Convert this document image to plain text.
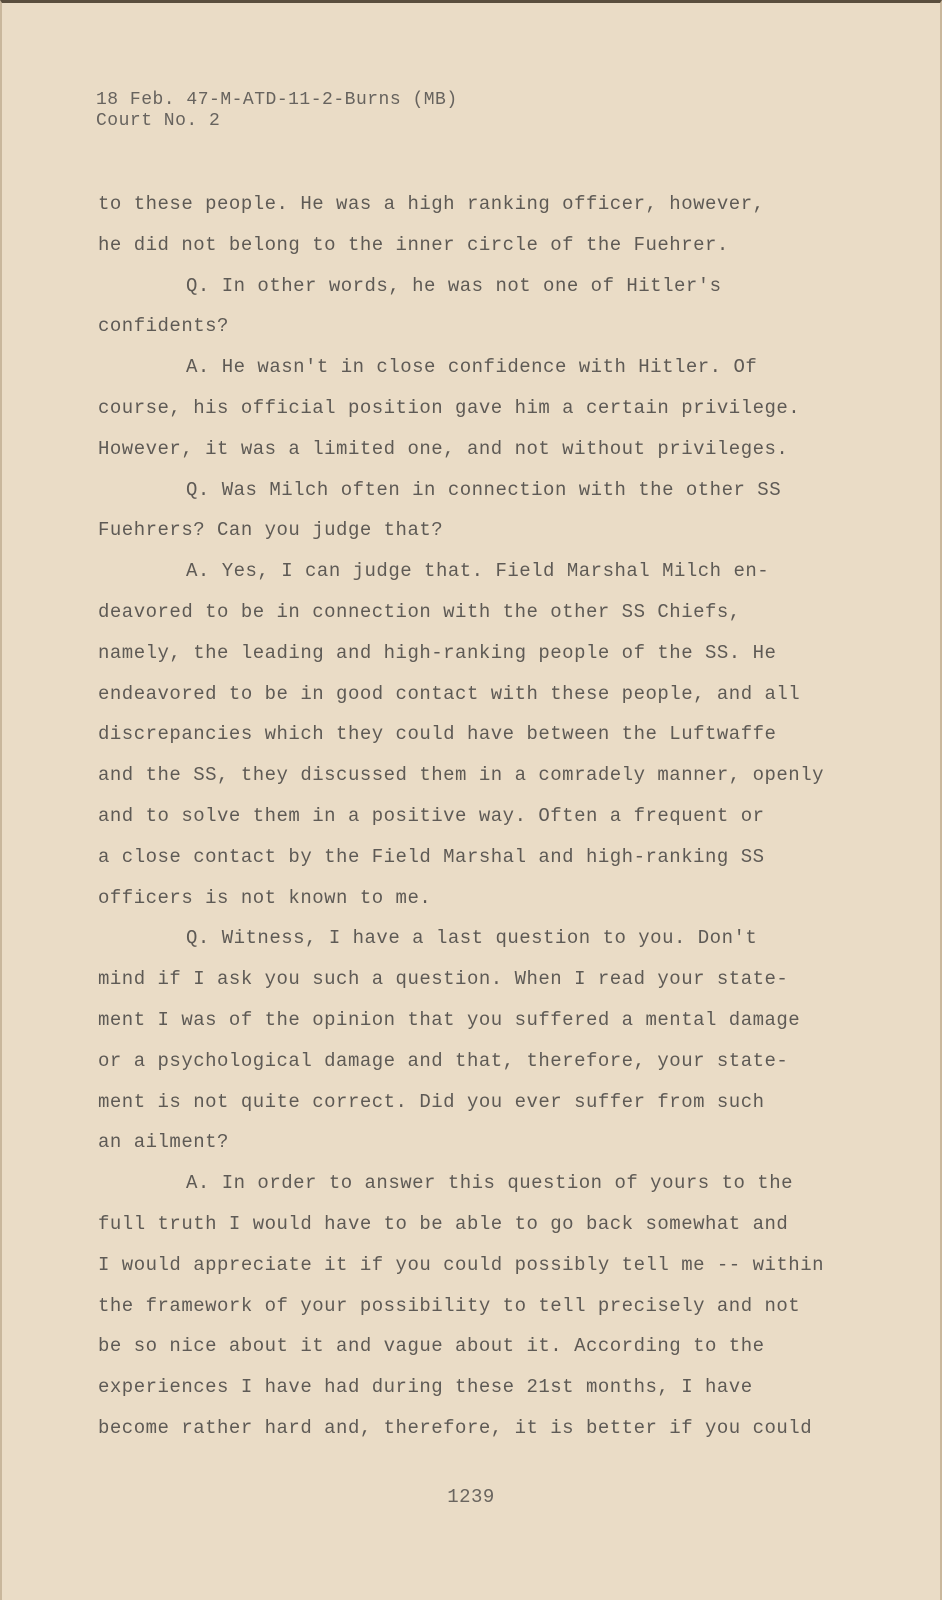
18 Feb. 47-M-ATD-11-2-Burns (MB)
Court No. 2
to these people. He was a high ranking officer, however,
he did not belong to the inner circle of the Fuehrer.
Q. In other words, he was not one of Hitler's
confidents?
A. He wasn't in close confidence with Hitler. Of
course, his official position gave him a certain privilege.
However, it was a limited one, and not without privileges.
Q. Was Milch often in connection with the other SS
Fuehrers? Can you judge that?
A. Yes, I can judge that. Field Marshal Milch en-
deavored to be in connection with the other SS Chiefs,
namely, the leading and high-ranking people of the SS. He
endeavored to be in good contact with these people, and all
discrepancies which they could have between the Luftwaffe
and the SS, they discussed them in a comradely manner, openly
and to solve them in a positive way. Often a frequent or
a close contact by the Field Marshal and high-ranking SS
officers is not known to me.
Q. Witness, I have a last question to you. Don't
mind if I ask you such a question. When I read your state-
ment I was of the opinion that you suffered a mental damage
or a psychological damage and that, therefore, your state-
ment is not quite correct. Did you ever suffer from such
an ailment?
A. In order to answer this question of yours to the
full truth I would have to be able to go back somewhat and
I would appreciate it if you could possibly tell me -- within
the framework of your possibility to tell precisely and not
be so nice about it and vague about it. According to the
experiences I have had during these 21st months, I have
become rather hard and, therefore, it is better if you could
1239
